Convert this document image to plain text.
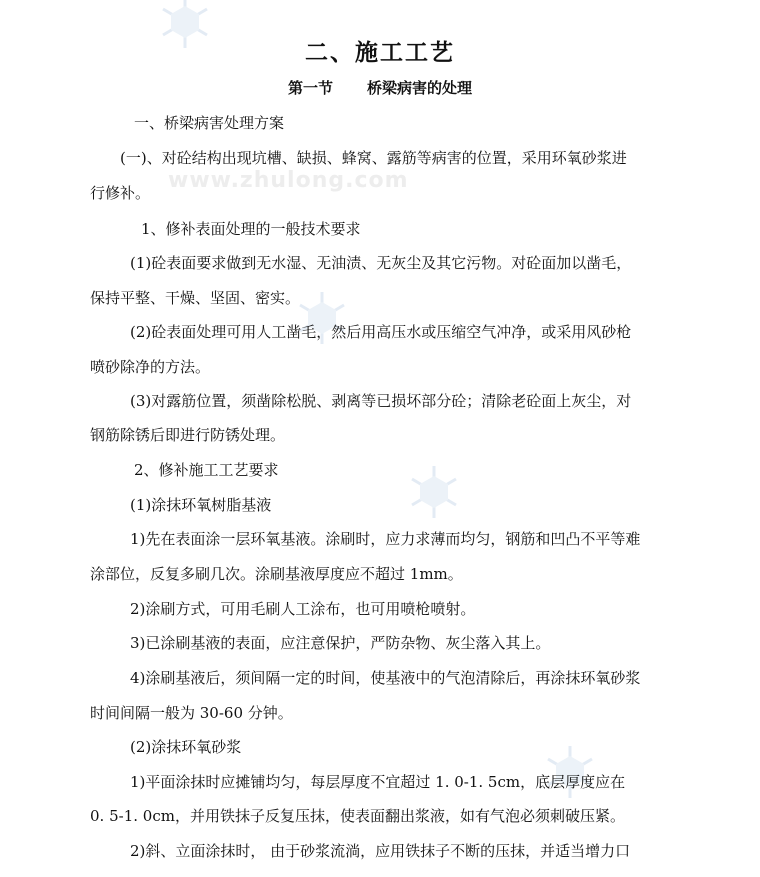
www.zhulong.com
二、施工工艺
第一节 桥梁病害的处理
一、桥梁病害处理方案
(一)、对砼结构出现坑槽、缺损、蜂窝、露筋等病害的位置，采用环氧砂浆进
行修补。
1、修补表面处理的一般技术要求
(1)砼表面要求做到无水湿、无油渍、无灰尘及其它污物。对砼面加以凿毛，
保持平整、干燥、坚固、密实。
(2)砼表面处理可用人工凿毛，然后用高压水或压缩空气冲净，或采用风砂枪
喷砂除净的方法。
(3)对露筋位置，须凿除松脱、剥离等已损坏部分砼；清除老砼面上灰尘，对
钢筋除锈后即进行防锈处理。
2、修补施工工艺要求
(1)涂抹环氧树脂基液
1)先在表面涂一层环氧基液。涂刷时，应力求薄而均匀，钢筋和凹凸不平等难
涂部位，反复多刷几次。涂刷基液厚度应不超过 1mm。
2)涂刷方式，可用毛刷人工涂布，也可用喷枪喷射。
3)已涂刷基液的表面，应注意保护，严防杂物、灰尘落入其上。
4)涂刷基液后，须间隔一定的时间，使基液中的气泡清除后，再涂抹环氧砂浆
时间间隔一般为 30-60 分钟。
(2)涂抹环氧砂浆
1)平面涂抹时应摊铺均匀，每层厚度不宜超过 1. 0-1. 5cm，底层厚度应在
0. 5-1. 0cm，并用铁抹子反复压抹，使表面翻出浆液，如有气泡必须刺破压紧。
2)斜、立面涂抹时， 由于砂浆流淌，应用铁抹子不断的压抹，并适当增力口
